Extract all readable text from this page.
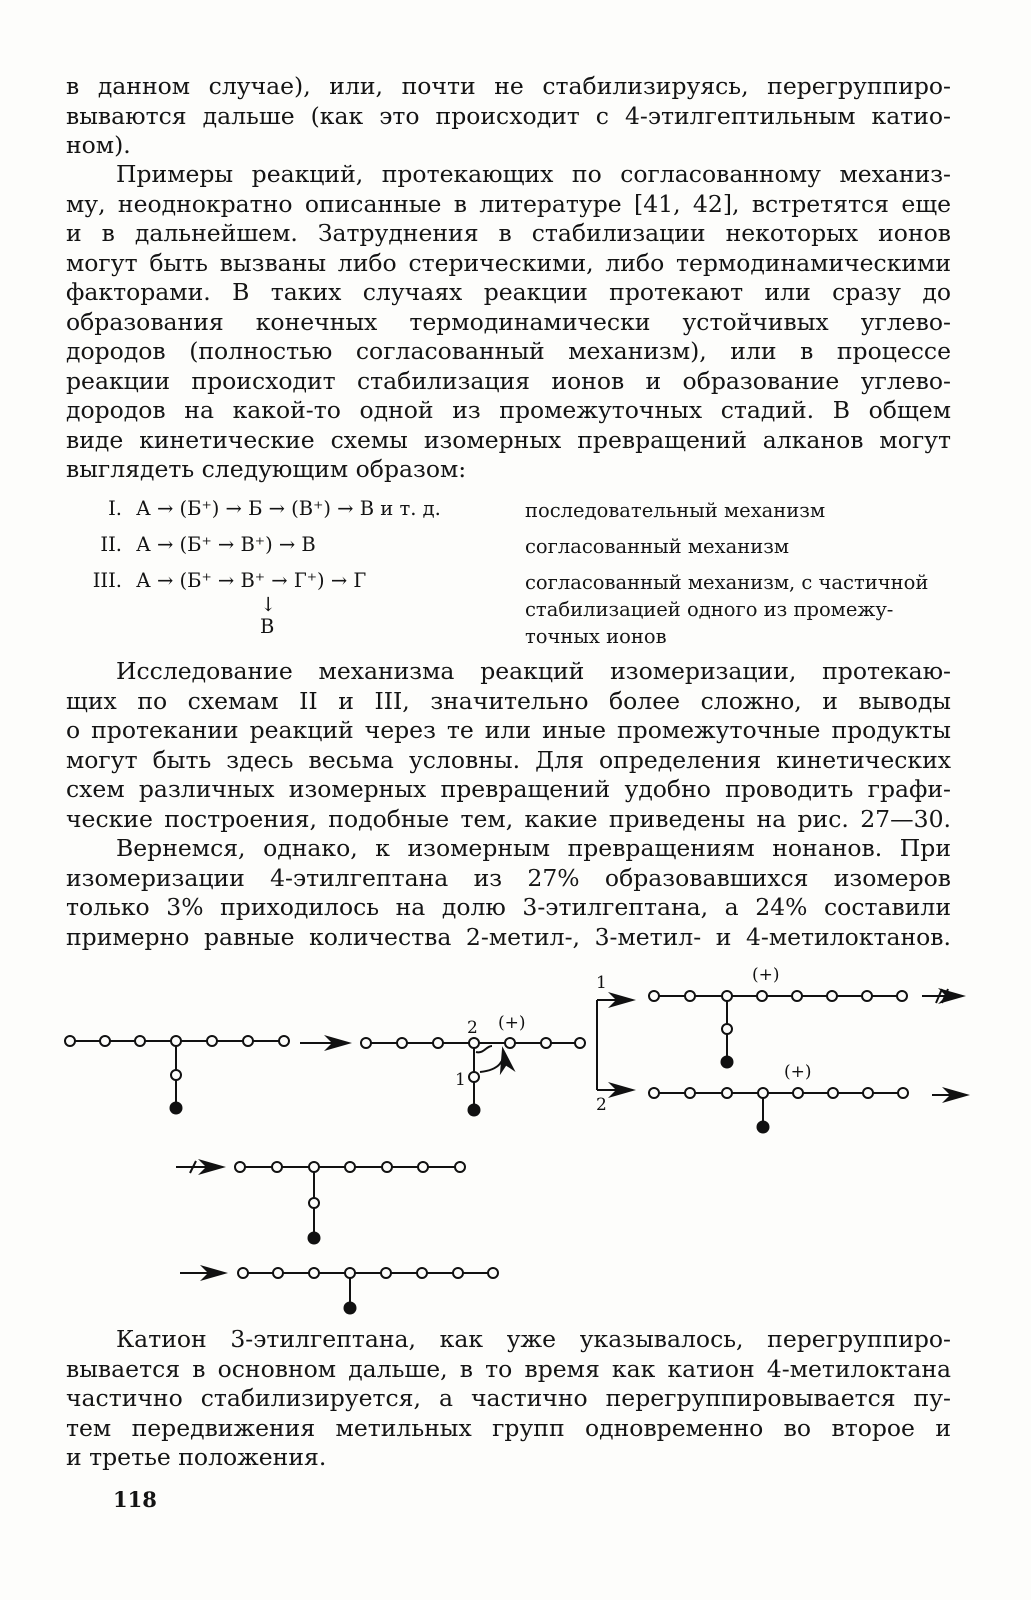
в данном случае), или, почти не стабилизируясь, перегруппиро-
вываются дальше (как это происходит с 4-этилгептильным катио-
ном).
Примеры реакций, протекающих по согласованному механиз-
му, неоднократно описанные в литературе [41, 42], встретятся еще
и в дальнейшем. Затруднения в стабилизации некоторых ионов
могут быть вызваны либо стерическими, либо термодинамическими
факторами. В таких случаях реакции протекают или сразу до
образования конечных термодинамически устойчивых углево-
дородов (полностью согласованный механизм), или в процессе
реакции происходит стабилизация ионов и образование углево-
дородов на какой-то одной из промежуточных стадий. В общем
виде кинетические схемы изомерных превращений алканов могут
выглядеть следующим образом:
I. А → (Б⁺) → Б → (В⁺) → В и т. д.	последовательный механизм
II. А → (Б⁺ → В⁺) → В	согласованный механизм
III. А → (Б⁺ → В⁺ → Г⁺) → Г	согласованный механизм, с частичной
стабилизацией одного из промежу-
точных ионов
↓
В
Исследование механизма реакций изомеризации, протекаю-
щих по схемам II и III, значительно более сложно, и выводы
о протекании реакций через те или иные промежуточные продукты
могут быть здесь весьма условны. Для определения кинетических
схем различных изомерных превращений удобно проводить графи-
ческие построения, подобные тем, какие приведены на рис. 27—30.
Вернемся, однако, к изомерным превращениям нонанов. При
изомеризации 4-этилгептана из 27% образовавшихся изомеров
только 3% приходилось на долю 3-этилгептана, а 24% составили
примерно равные количества 2-метил-, 3-метил- и 4-метилоктанов.
(+)
2
1
1
2
(+)
(+)
Катион 3-этилгептана, как уже указывалось, перегруппиро-
вывается в основном дальше, в то время как катион 4-метилоктана
частично стабилизируется, а частично перегруппировывается пу-
тем передвижения метильных групп одновременно во второе и
и третье положения.
118
